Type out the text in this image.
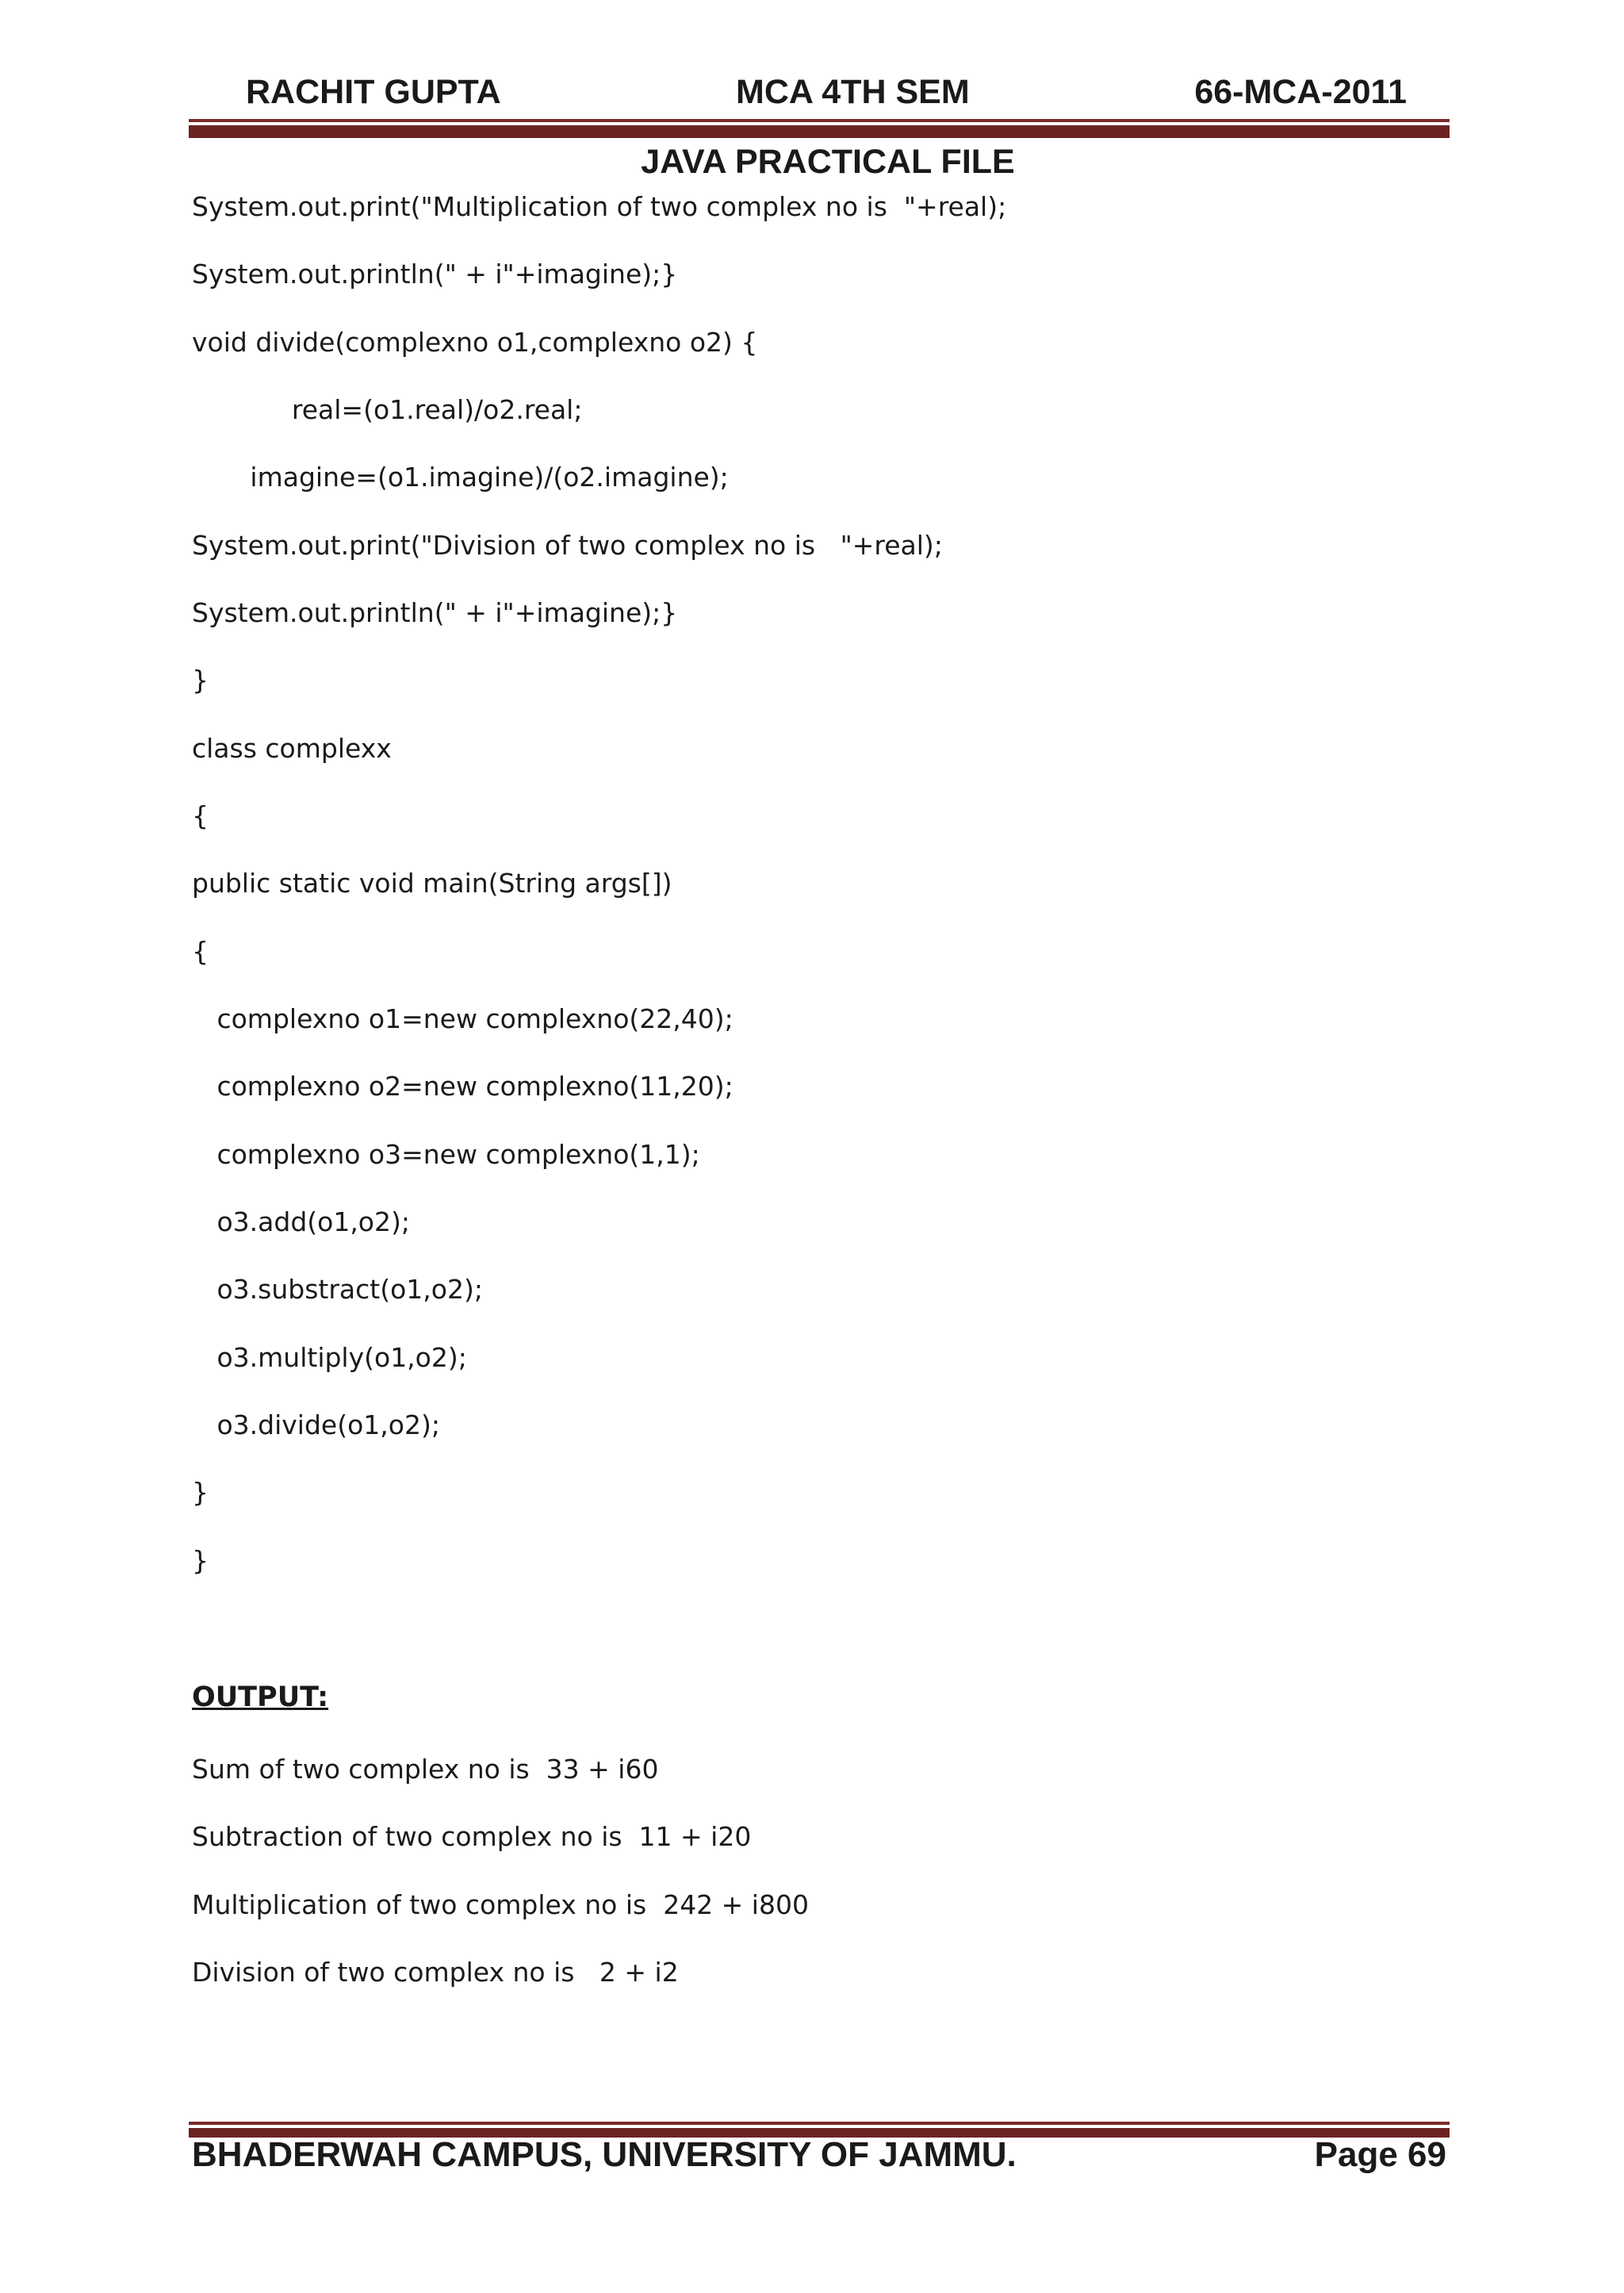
RACHIT GUPTA	MCA 4TH SEM	66-MCA-2011
JAVA PRACTICAL FILE
System.out.print("Multiplication of two complex no is  "+real);
System.out.println(" + i"+imagine);}
void divide(complexno o1,complexno o2) {
real=(o1.real)/o2.real;
imagine=(o1.imagine)/(o2.imagine);
System.out.print("Division of two complex no is   "+real);
System.out.println(" + i"+imagine);}
}
class complexx
{
public static void main(String args[])
{
complexno o1=new complexno(22,40);
complexno o2=new complexno(11,20);
complexno o3=new complexno(1,1);
o3.add(o1,o2);
o3.substract(o1,o2);
o3.multiply(o1,o2);
o3.divide(o1,o2);
}
}
OUTPUT:
Sum of two complex no is  33 + i60
Subtraction of two complex no is  11 + i20
Multiplication of two complex no is  242 + i800
Division of two complex no is   2 + i2
BHADERWAH CAMPUS, UNIVERSITY OF JAMMU.	Page 69
